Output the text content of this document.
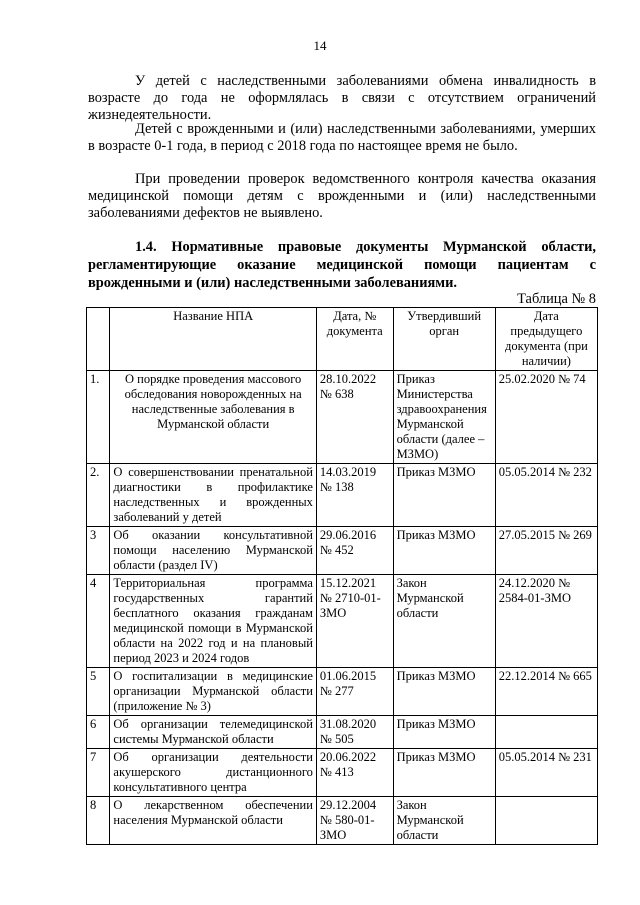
14

У детей с наследственными заболеваниями обмена инвалидность в возрасте до года не оформлялась в связи с отсутствием ограничений жизнедеятельности.

Детей с врожденными и (или) наследственными заболеваниями, умерших в возрасте 0-1 года, в период с 2018 года по настоящее время не было.

При проведении проверок ведомственного контроля качества оказания медицинской помощи детям с врожденными и (или) наследственными заболеваниями дефектов не выявлено.

1.4. Нормативные правовые документы Мурманской области, регламентирующие оказание медицинской помощи пациентам с врожденными и (или) наследственными заболеваниями.

Таблица № 8
	Название НПА	Дата, № документа	Утвердивший орган	Дата предыдущего документа (при наличии)
1.	О порядке проведения массового обследования новорожденных на наследственные заболевания в Мурманской области	28.10.2022 № 638	Приказ Министерства здравоохранения Мурманской области (далее – МЗМО)	25.02.2020 № 74
2.	О совершенствовании пренатальной диагностики в профилактике наследственных и врожденных заболеваний у детей	14.03.2019 № 138	Приказ МЗМО	05.05.2014 № 232
3	Об оказании консультативной помощи населению Мурманской области (раздел IV)	29.06.2016 № 452	Приказ МЗМО	27.05.2015 № 269
4	Территориальная программа государственных гарантий бесплатного оказания гражданам медицинской помощи в Мурманской области на 2022 год и на плановый период 2023 и 2024 годов	15.12.2021 № 2710-01-ЗМО	Закон Мурманской области	24.12.2020 № 2584-01-ЗМО
5	О госпитализации в медицинские организации Мурманской области (приложение № 3)	01.06.2015 № 277	Приказ МЗМО	22.12.2014 № 665
6	Об организации телемедицинской системы Мурманской области	31.08.2020 № 505	Приказ МЗМО	
7	Об организации деятельности акушерского дистанционного консультативного центра	20.06.2022 № 413	Приказ МЗМО	05.05.2014 № 231
8	О лекарственном обеспечении населения Мурманской области	29.12.2004 № 580-01-ЗМО	Закон Мурманской области	
